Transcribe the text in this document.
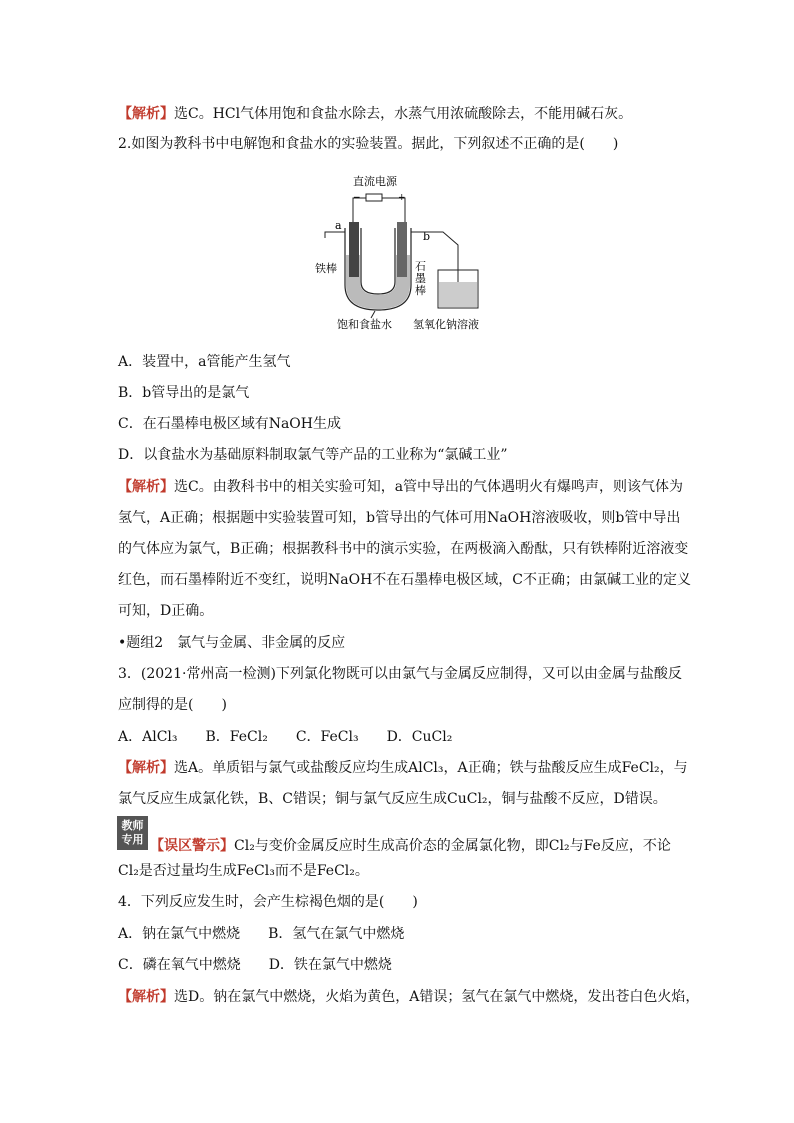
【解析】选C。HCl气体用饱和食盐水除去，水蒸气用浓硫酸除去，不能用碱石灰。
2.如图为教科书中电解饱和食盐水的实验装置。据此，下列叙述不正确的是(　　)
直流电源
−	+
a
b
铁棒	石
墨
棒
饱和食盐水 氢氧化钠溶液
A．装置中，a管能产生氢气
B．b管导出的是氯气
C．在石墨棒电极区域有NaOH生成
D．以食盐水为基础原料制取氯气等产品的工业称为“氯碱工业”
【解析】选C。由教科书中的相关实验可知，a管中导出的气体遇明火有爆鸣声，则该气体为
氢气，A正确；根据题中实验装置可知，b管导出的气体可用NaOH溶液吸收，则b管中导出
的气体应为氯气，B正确；根据教科书中的演示实验，在两极滴入酚酞，只有铁棒附近溶液变
红色，而石墨棒附近不变红，说明NaOH不在石墨棒电极区域，C不正确；由氯碱工业的定义
可知，D正确。
•题组2　氯气与金属、非金属的反应
3．(2021·常州高一检测)下列氯化物既可以由氯气与金属反应制得，又可以由金属与盐酸反
应制得的是(　　)
A．AlCl₃　　B．FeCl₂　　C．FeCl₃　　D．CuCl₂
【解析】选A。单质铝与氯气或盐酸反应均生成AlCl₃，A正确；铁与盐酸反应生成FeCl₂，与
氯气反应生成氯化铁，B、C错误；铜与氯气反应生成CuCl₂，铜与盐酸不反应，D错误。
教师
专用 【误区警示】Cl₂与变价金属反应时生成高价态的金属氯化物，即Cl₂与Fe反应，不论
Cl₂是否过量均生成FeCl₃而不是FeCl₂。
4．下列反应发生时，会产生棕褐色烟的是(　　)
A．钠在氯气中燃烧　　B．氢气在氯气中燃烧
C．磷在氧气中燃烧　　D．铁在氯气中燃烧
【解析】选D。钠在氯气中燃烧，火焰为黄色，A错误；氢气在氯气中燃烧，发出苍白色火焰，
